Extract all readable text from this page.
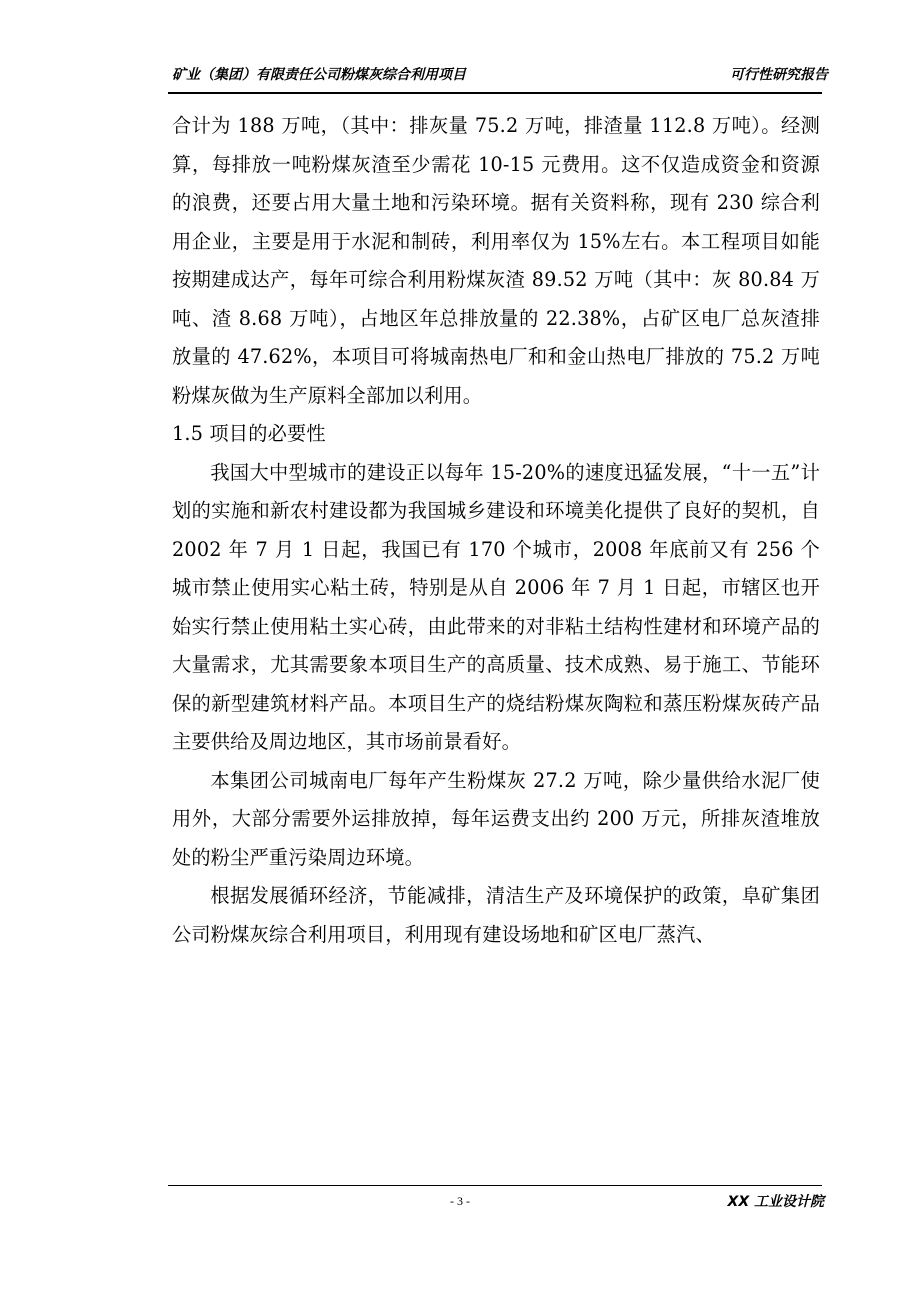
矿业（集团）有限责任公司粉煤灰综合利用项目	可行性研究报告

合计为 188 万吨，（其中：排灰量 75.2 万吨，排渣量 112.8 万吨）。经测算，每排放一吨粉煤灰渣至少需花 10-15 元费用。这不仅造成资金和资源的浪费，还要占用大量土地和污染环境。据有关资料称，现有 230 综合利用企业，主要是用于水泥和制砖，利用率仅为 15%左右。本工程项目如能按期建成达产，每年可综合利用粉煤灰渣 89.52 万吨（其中：灰 80.84 万吨、渣 8.68 万吨），占地区年总排放量的 22.38%，占矿区电厂总灰渣排放量的 47.62%，本项目可将城南热电厂和和金山热电厂排放的 75.2 万吨粉煤灰做为生产原料全部加以利用。

1.5 项目的必要性

我国大中型城市的建设正以每年 15-20%的速度迅猛发展，“十一五”计划的实施和新农村建设都为我国城乡建设和环境美化提供了良好的契机，自 2002 年 7 月 1 日起，我国已有 170 个城市，2008 年底前又有 256 个城市禁止使用实心粘土砖，特别是从自 2006 年 7 月 1 日起，市辖区也开始实行禁止使用粘土实心砖，由此带来的对非粘土结构性建材和环境产品的大量需求，尤其需要象本项目生产的高质量、技术成熟、易于施工、节能环保的新型建筑材料产品。本项目生产的烧结粉煤灰陶粒和蒸压粉煤灰砖产品主要供给及周边地区，其市场前景看好。

本集团公司城南电厂每年产生粉煤灰 27.2 万吨，除少量供给水泥厂使用外，大部分需要外运排放掉，每年运费支出约 200 万元，所排灰渣堆放处的粉尘严重污染周边环境。

根据发展循环经济，节能减排，清洁生产及环境保护的政策，阜矿集团公司粉煤灰综合利用项目，利用现有建设场地和矿区电厂蒸汽、

- 3 -	XX 工业设计院
